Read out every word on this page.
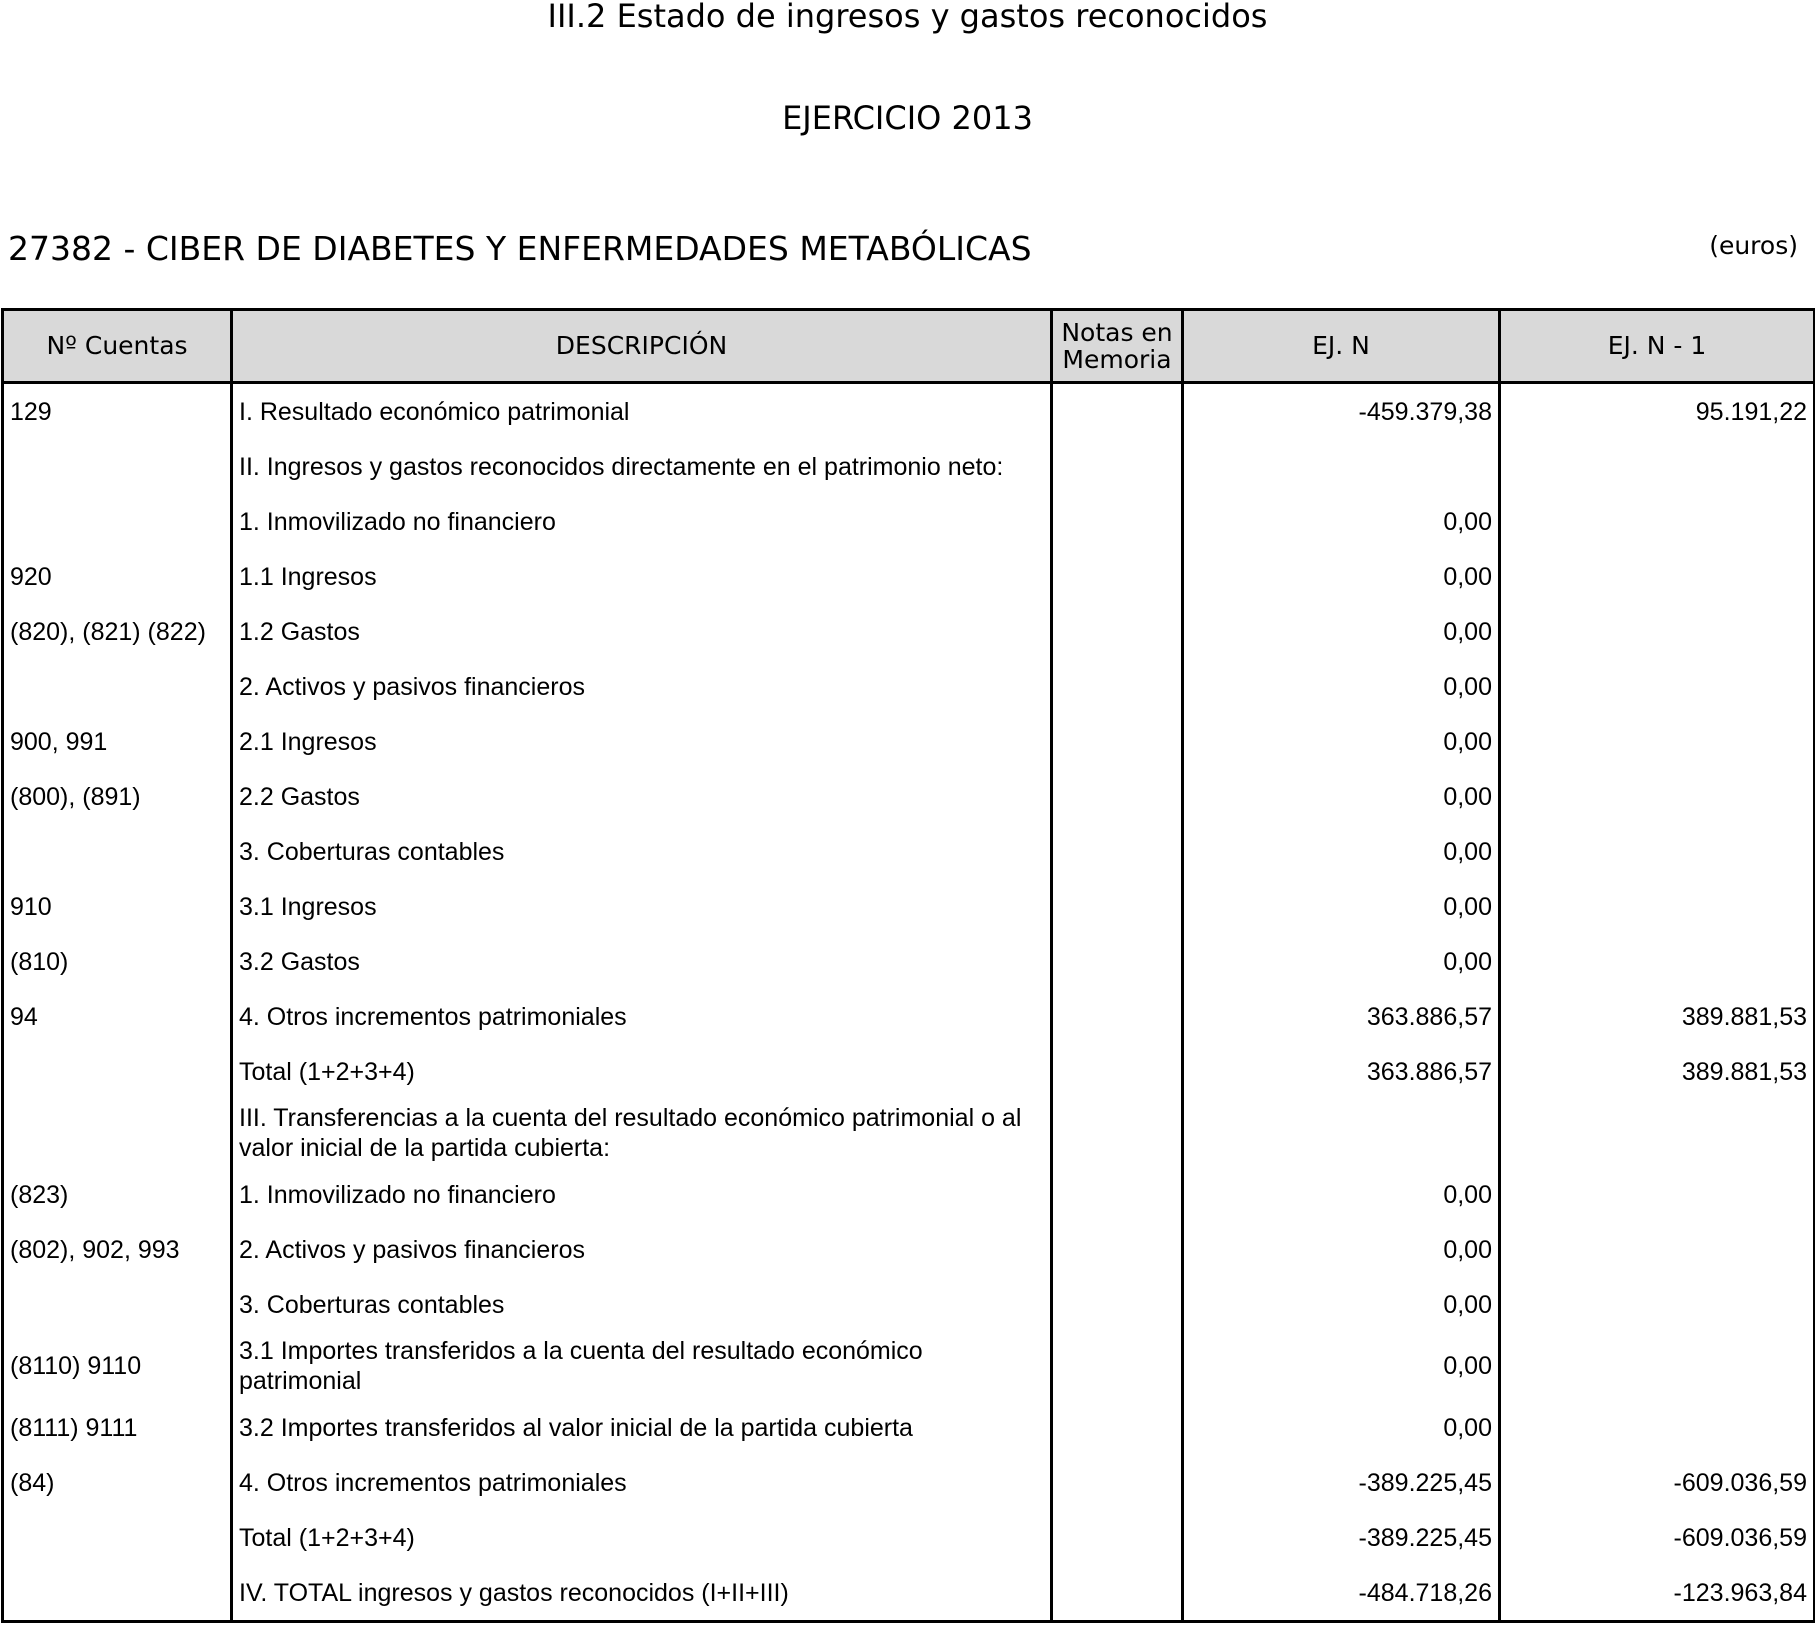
III.2 Estado de ingresos y gastos reconocidos
EJERCICIO 2013
27382 - CIBER DE DIABETES Y ENFERMEDADES METABÓLICAS	(euros)
Nº Cuentas	DESCRIPCIÓN	Notas en Memoria	EJ. N	EJ. N - 1
129	I. Resultado económico patrimonial		-459.379,38	95.191,22
	II. Ingresos y gastos reconocidos directamente en el patrimonio neto:			
	1. Inmovilizado no financiero		0,00	
920	1.1 Ingresos		0,00	
(820), (821) (822)	1.2 Gastos		0,00	
	2. Activos y pasivos financieros		0,00	
900, 991	2.1 Ingresos		0,00	
(800), (891)	2.2 Gastos		0,00	
	3. Coberturas contables		0,00	
910	3.1 Ingresos		0,00	
(810)	3.2 Gastos		0,00	
94	4. Otros incrementos patrimoniales		363.886,57	389.881,53
	Total (1+2+3+4)		363.886,57	389.881,53
	III. Transferencias a la cuenta del resultado económico patrimonial o al valor inicial de la partida cubierta:			
(823)	1. Inmovilizado no financiero		0,00	
(802), 902, 993	2. Activos y pasivos financieros		0,00	
	3. Coberturas contables		0,00	
(8110) 9110	3.1 Importes transferidos a la cuenta del resultado económico patrimonial		0,00	
(8111) 9111	3.2 Importes transferidos al valor inicial de la partida cubierta		0,00	
(84)	4. Otros incrementos patrimoniales		-389.225,45	-609.036,59
	Total (1+2+3+4)		-389.225,45	-609.036,59
	IV. TOTAL ingresos y gastos reconocidos (I+II+III)		-484.718,26	-123.963,84
